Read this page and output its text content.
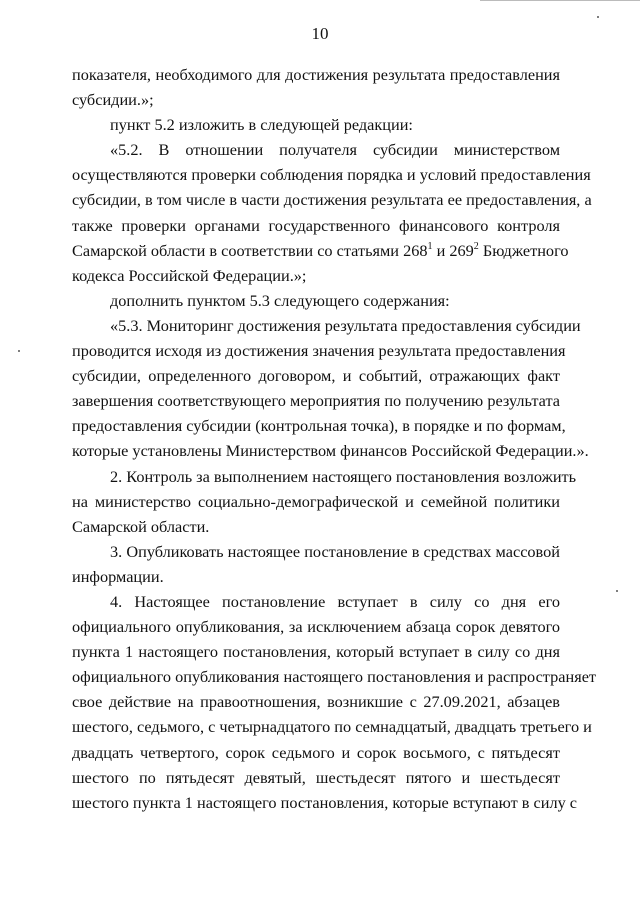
10
показателя, необходимого для достижения результата предоставления
субсидии.»;
пункт 5.2 изложить в следующей редакции:
«5.2. В отношении получателя субсидии министерством
осуществляются проверки соблюдения порядка и условий предоставления
субсидии, в том числе в части достижения результата ее предоставления, а
также проверки органами государственного финансового контроля
Самарской области в соответствии со статьями $268^1$ и $269^2$ Бюджетного
кодекса Российской Федерации.»;
дополнить пунктом 5.3 следующего содержания:
«5.3. Мониторинг достижения результата предоставления субсидии
проводится исходя из достижения значения результата предоставления
субсидии, определенного договором, и событий, отражающих факт
завершения соответствующего мероприятия по получению результата
предоставления субсидии (контрольная точка), в порядке и по формам,
которые установлены Министерством финансов Российской Федерации.».
2. Контроль за выполнением настоящего постановления возложить
на министерство социально-демографической и семейной политики
Самарской области.
3. Опубликовать настоящее постановление в средствах массовой
информации.
4. Настоящее постановление вступает в силу со дня его
официального опубликования, за исключением абзаца сорок девятого
пункта 1 настоящего постановления, который вступает в силу со дня
официального опубликования настоящего постановления и распространяет
свое действие на правоотношения, возникшие с 27.09.2021, абзацев
шестого, седьмого, с четырнадцатого по семнадцатый, двадцать третьего и
двадцать четвертого, сорок седьмого и сорок восьмого, с пятьдесят
шестого по пятьдесят девятый, шестьдесят пятого и шестьдесят
шестого пункта 1 настоящего постановления, которые вступают в силу с
